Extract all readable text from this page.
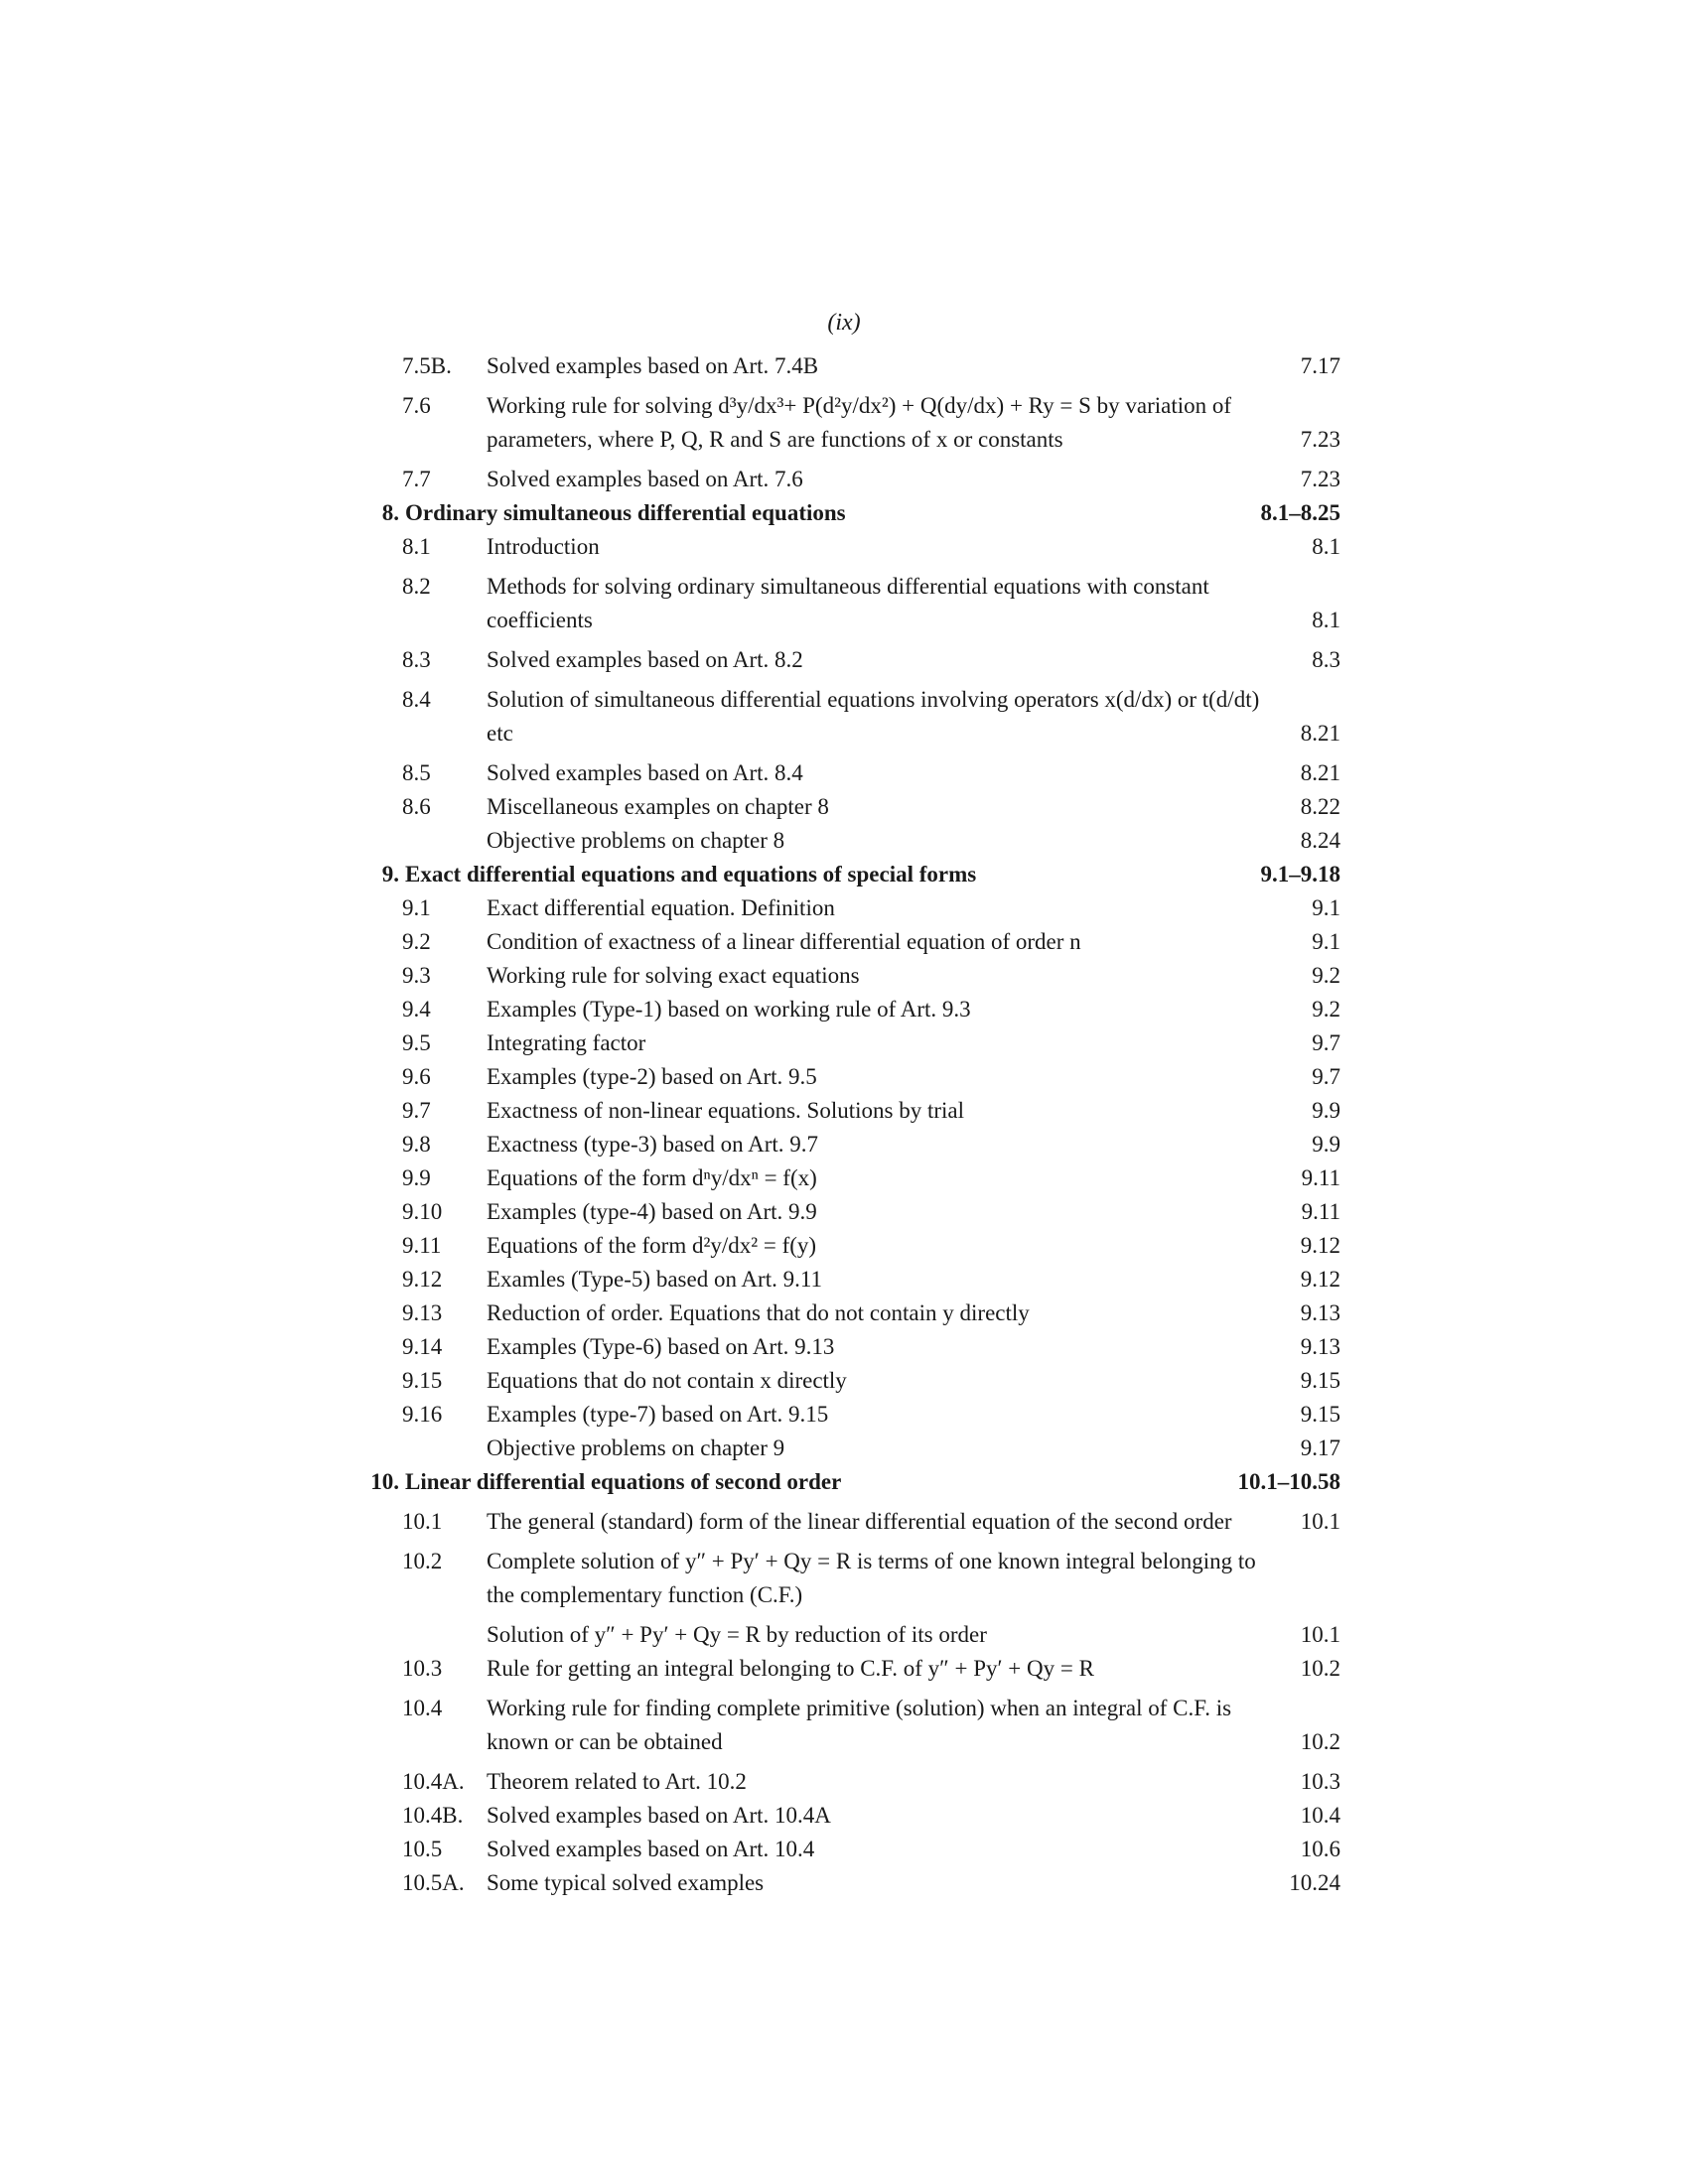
(ix)
7.5B. Solved examples based on Art. 7.4B	7.17
7.6 Working rule for solving d³y/dx³+ P(d²y/dx²) + Q(dy/dx) + Ry = S by variation of parameters, where P, Q, R and S are functions of x or constants	7.23
7.7 Solved examples based on Art. 7.6	7.23
8. Ordinary simultaneous differential equations	8.1–8.25
8.1 Introduction	8.1
8.2 Methods for solving ordinary simultaneous differential equations with constant coefficients	8.1
8.3 Solved examples based on Art. 8.2	8.3
8.4 Solution of simultaneous differential equations involving operators x(d/dx) or t(d/dt) etc	8.21
8.5 Solved examples based on Art. 8.4	8.21
8.6 Miscellaneous examples on chapter 8	8.22
Objective problems on chapter 8	8.24
9. Exact differential equations and equations of special forms	9.1–9.18
9.1 Exact differential equation. Definition	9.1
9.2 Condition of exactness of a linear differential equation of order n	9.1
9.3 Working rule for solving exact equations	9.2
9.4 Examples (Type-1) based on working rule of Art. 9.3	9.2
9.5 Integrating factor	9.7
9.6 Examples (type-2) based on Art. 9.5	9.7
9.7 Exactness of non-linear equations. Solutions by trial	9.9
9.8 Exactness (type-3) based on Art. 9.7	9.9
9.9 Equations of the form dⁿy/dxⁿ = f(x)	9.11
9.10 Examples (type-4) based on Art. 9.9	9.11
9.11 Equations of the form d²y/dx² = f(y)	9.12
9.12 Examles (Type-5) based on Art. 9.11	9.12
9.13 Reduction of order. Equations that do not contain y directly	9.13
9.14 Examples (Type-6) based on Art. 9.13	9.13
9.15 Equations that do not contain x directly	9.15
9.16 Examples (type-7) based on Art. 9.15	9.15
Objective problems on chapter 9	9.17
10. Linear differential equations of second order	10.1–10.58
10.1 The general (standard) form of the linear differential equation of the second order	10.1
10.2 Complete solution of y″ + Py′ + Qy = R is terms of one known integral belonging to the complementary function (C.F.)
Solution of y″ + Py′ + Qy = R by reduction of its order	10.1
10.3 Rule for getting an integral belonging to C.F. of y″ + Py′ + Qy = R	10.2
10.4 Working rule for finding complete primitive (solution) when an integral of C.F. is known or can be obtained	10.2
10.4A. Theorem related to Art. 10.2	10.3
10.4B. Solved examples based on Art. 10.4A	10.4
10.5 Solved examples based on Art. 10.4	10.6
10.5A. Some typical solved examples	10.24
